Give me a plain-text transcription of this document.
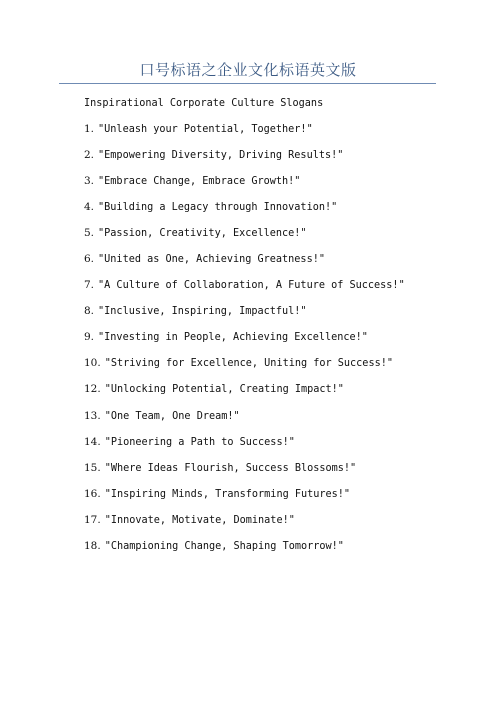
口号标语之企业文化标语英文版
Inspirational Corporate Culture Slogans
1. "Unleash your Potential, Together!"
2. "Empowering Diversity, Driving Results!"
3. "Embrace Change, Embrace Growth!"
4. "Building a Legacy through Innovation!"
5. "Passion, Creativity, Excellence!"
6. "United as One, Achieving Greatness!"
7. "A Culture of Collaboration, A Future of Success!"
8. "Inclusive, Inspiring, Impactful!"
9. "Investing in People, Achieving Excellence!"
10. "Striving for Excellence, Uniting for Success!"
12. "Unlocking Potential, Creating Impact!"
13. "One Team, One Dream!"
14. "Pioneering a Path to Success!"
15. "Where Ideas Flourish, Success Blossoms!"
16. "Inspiring Minds, Transforming Futures!"
17. "Innovate, Motivate, Dominate!"
18. "Championing Change, Shaping Tomorrow!"
